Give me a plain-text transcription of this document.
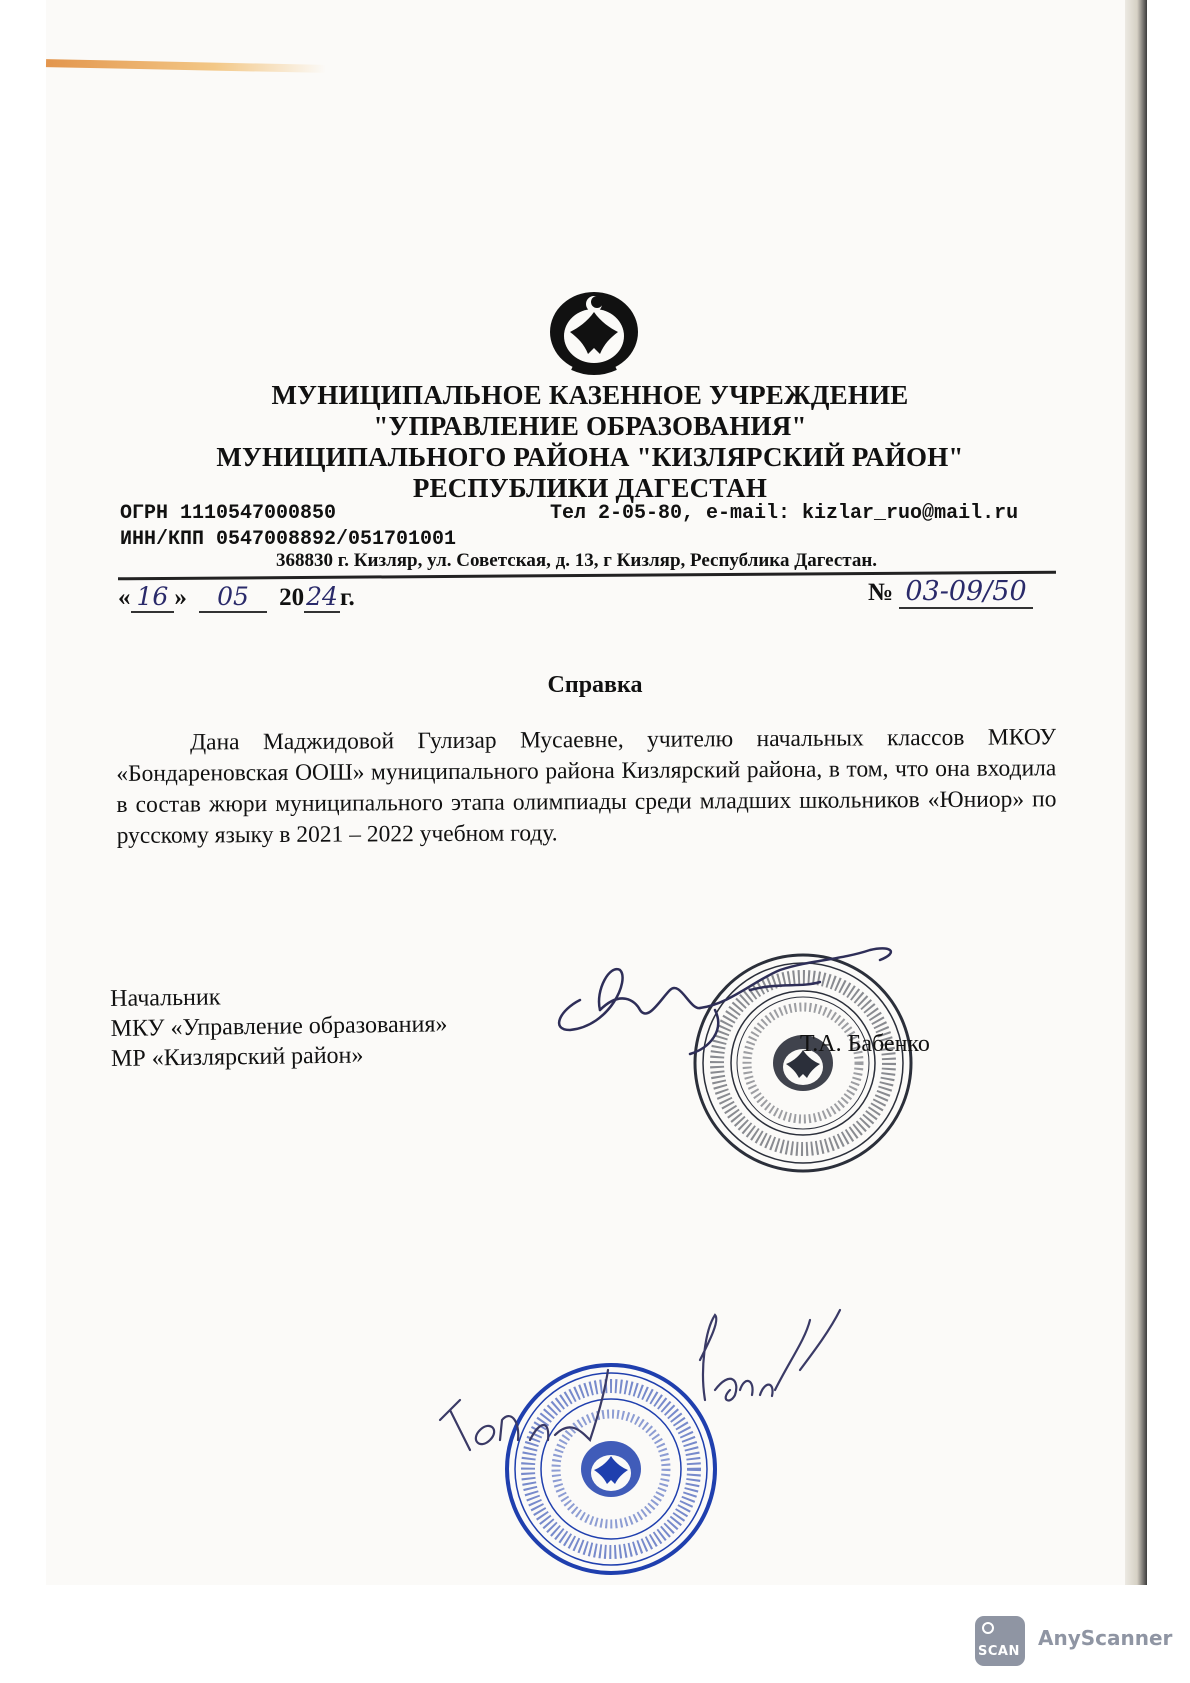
МУНИЦИПАЛЬНОЕ КАЗЕННОЕ УЧРЕЖДЕНИЕ
"УПРАВЛЕНИЕ ОБРАЗОВАНИЯ"
МУНИЦИПАЛЬНОГО РАЙОНА "КИЗЛЯРСКИЙ РАЙОН"
РЕСПУБЛИКИ ДАГЕСТАН
ОГРН 1110547000850	Тел 2-05-80, e-mail: kizlar_ruo@mail.ru
ИНН/КПП 0547008892/051701001
368830 г. Кизляр, ул. Советская, д. 13, г Кизляр, Республика Дагестан.
« 16 » 05 2024г.	№ 03-09/50
Справка
Дана Маджидовой Гулизар Мусаевне, учителю начальных классов МКОУ «Бондареновская ООШ» муниципального района Кизлярский района, в том, что она входила в состав жюри муниципального этапа олимпиады среди младших школьников «Юниор» по русскому языку в 2021 – 2022 учебном году.
Начальник
МКУ «Управление образования»
МР «Кизлярский район»	Т.А. Бабенко
SCAN
AnyScanner
